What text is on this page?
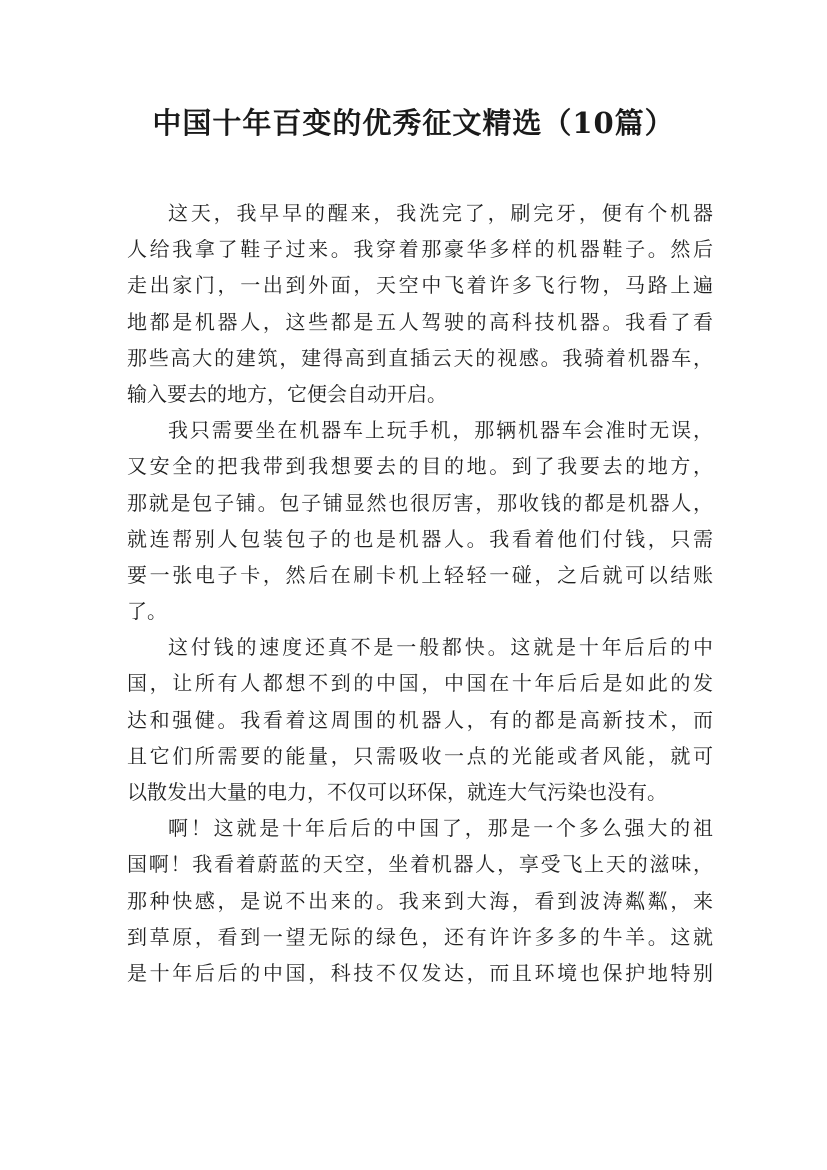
中国十年百变的优秀征文精选（10篇）
这天，我早早的醒来，我洗完了，刷完牙，便有个机器
人给我拿了鞋子过来。我穿着那豪华多样的机器鞋子。然后
走出家门，一出到外面，天空中飞着许多飞行物，马路上遍
地都是机器人，这些都是五人驾驶的高科技机器。我看了看
那些高大的建筑，建得高到直插云天的视感。我骑着机器车，
输入要去的地方，它便会自动开启。
我只需要坐在机器车上玩手机，那辆机器车会准时无误，
又安全的把我带到我想要去的目的地。到了我要去的地方，
那就是包子铺。包子铺显然也很厉害，那收钱的都是机器人，
就连帮别人包装包子的也是机器人。我看着他们付钱，只需
要一张电子卡，然后在刷卡机上轻轻一碰，之后就可以结账
了。
这付钱的速度还真不是一般都快。这就是十年后后的中
国，让所有人都想不到的中国，中国在十年后后是如此的发
达和强健。我看着这周围的机器人，有的都是高新技术，而
且它们所需要的能量，只需吸收一点的光能或者风能，就可
以散发出大量的电力，不仅可以环保，就连大气污染也没有。
啊！这就是十年后后的中国了，那是一个多么强大的祖
国啊！我看着蔚蓝的天空，坐着机器人，享受飞上天的滋味，
那种快感，是说不出来的。我来到大海，看到波涛粼粼，来
到草原，看到一望无际的绿色，还有许许多多的牛羊。这就
是十年后后的中国，科技不仅发达，而且环境也保护地特别
